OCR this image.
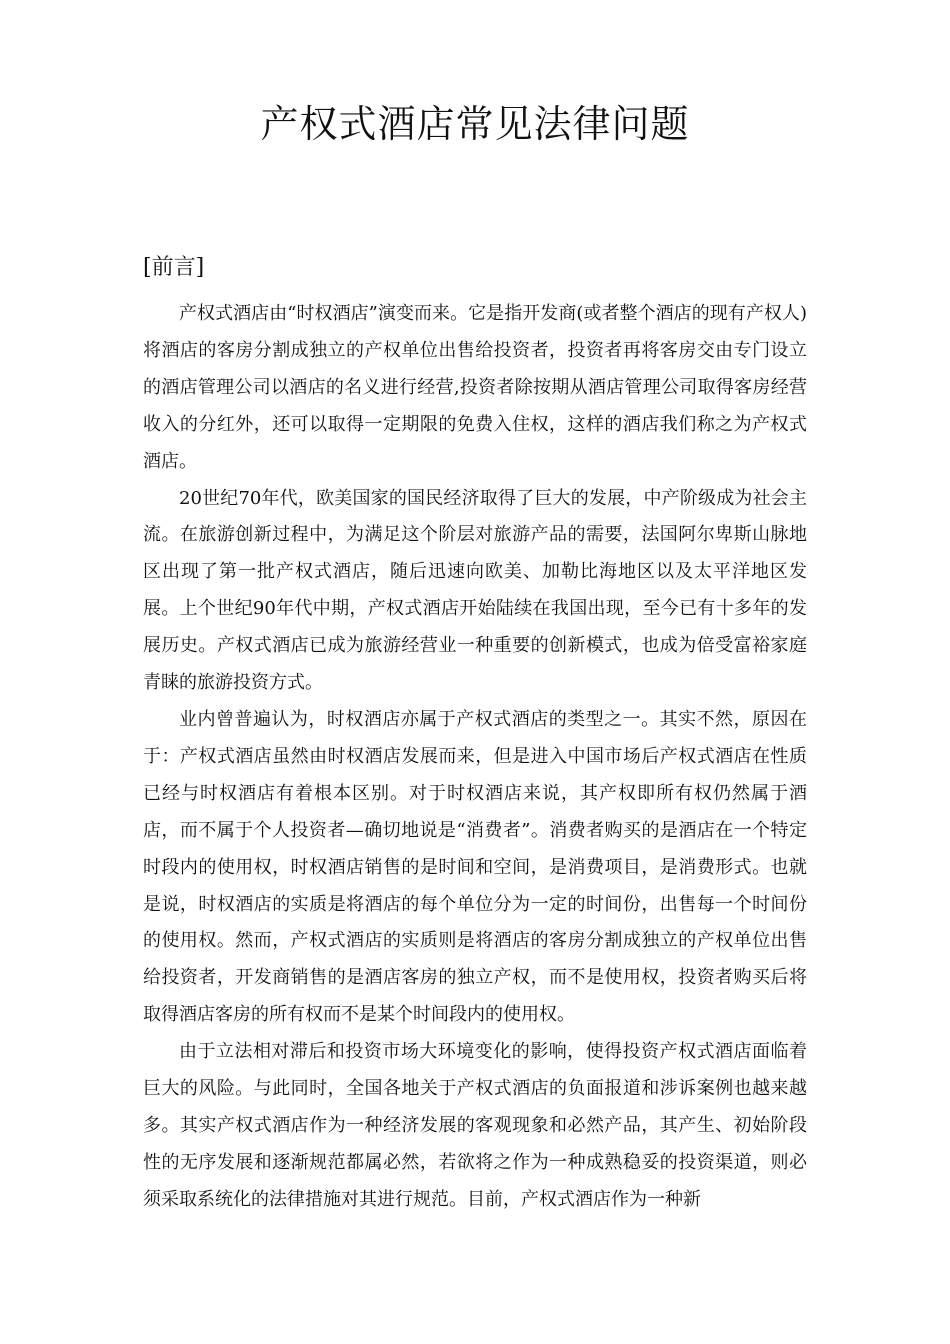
产权式酒店常见法律问题
[前言]

产权式酒店由“时权酒店”演变而来。它是指开发商(或者整个酒店的现有产权人)将酒店的客房分割成独立的产权单位出售给投资者，投资者再将客房交由专门设立的酒店管理公司以酒店的名义进行经营,投资者除按期从酒店管理公司取得客房经营收入的分红外，还可以取得一定期限的免费入住权，这样的酒店我们称之为产权式酒店。

20世纪70年代，欧美国家的国民经济取得了巨大的发展，中产阶级成为社会主流。在旅游创新过程中，为满足这个阶层对旅游产品的需要，法国阿尔卑斯山脉地区出现了第一批产权式酒店，随后迅速向欧美、加勒比海地区以及太平洋地区发展。上个世纪90年代中期，产权式酒店开始陆续在我国出现，至今已有十多年的发展历史。产权式酒店已成为旅游经营业一种重要的创新模式，也成为倍受富裕家庭青睐的旅游投资方式。

业内曾普遍认为，时权酒店亦属于产权式酒店的类型之一。其实不然，原因在于：产权式酒店虽然由时权酒店发展而来，但是进入中国市场后产权式酒店在性质已经与时权酒店有着根本区别。对于时权酒店来说，其产权即所有权仍然属于酒店，而不属于个人投资者—确切地说是“消费者”。消费者购买的是酒店在一个特定时段内的使用权，时权酒店销售的是时间和空间，是消费项目，是消费形式。也就是说，时权酒店的实质是将酒店的每个单位分为一定的时间份，出售每一个时间份的使用权。然而，产权式酒店的实质则是将酒店的客房分割成独立的产权单位出售给投资者，开发商销售的是酒店客房的独立产权，而不是使用权，投资者购买后将取得酒店客房的所有权而不是某个时间段内的使用权。

由于立法相对滞后和投资市场大环境变化的影响，使得投资产权式酒店面临着巨大的风险。与此同时，全国各地关于产权式酒店的负面报道和涉诉案例也越来越多。其实产权式酒店作为一种经济发展的客观现象和必然产品，其产生、初始阶段性的无序发展和逐渐规范都属必然，若欲将之作为一种成熟稳妥的投资渠道，则必须采取系统化的法律措施对其进行规范。目前，产权式酒店作为一种新
